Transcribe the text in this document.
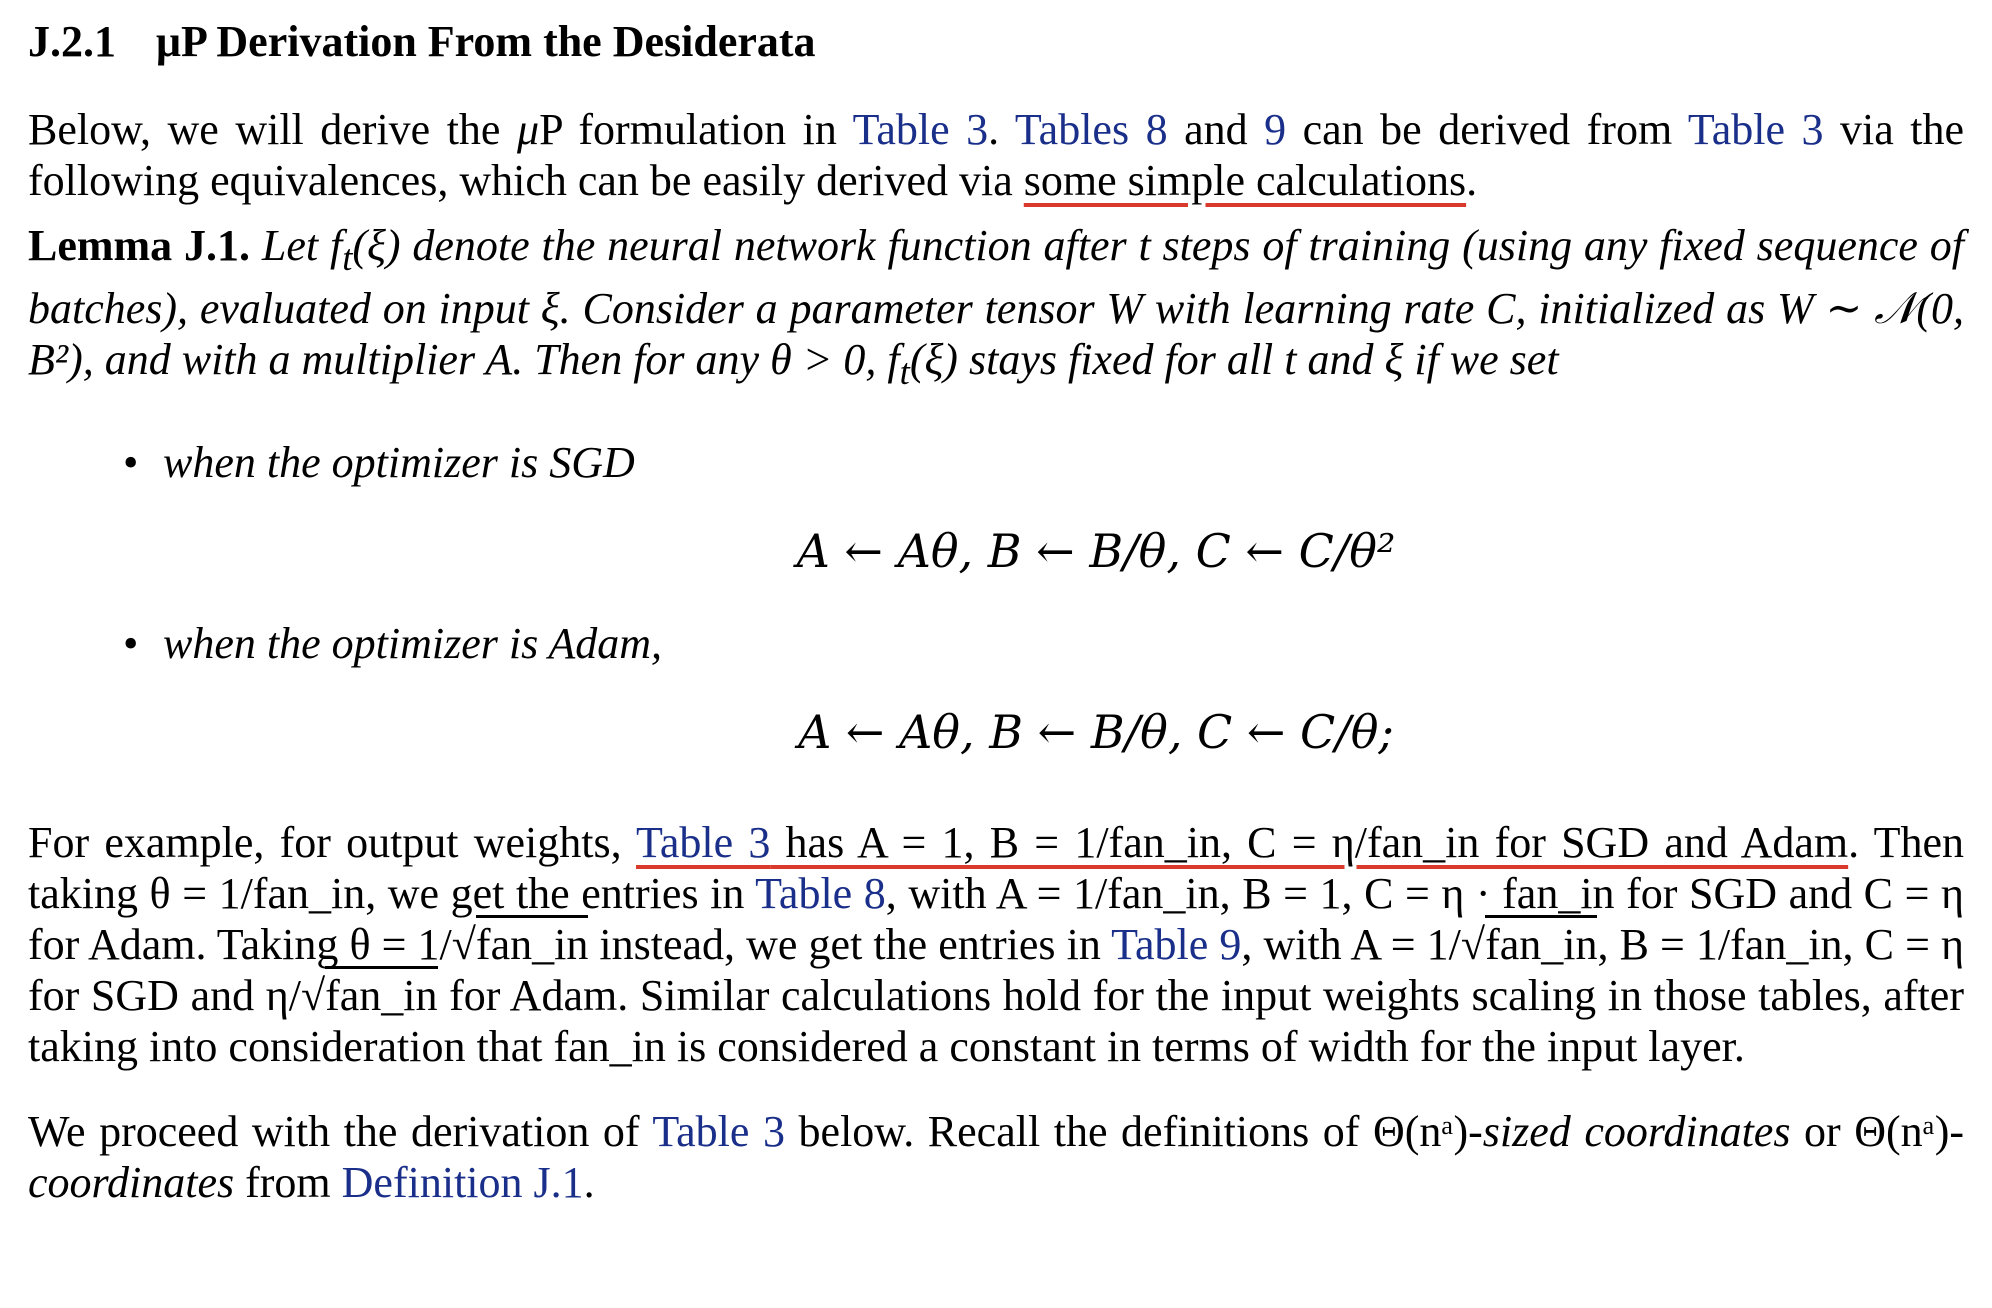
J.2.1 μP Derivation From the Desiderata

Below, we will derive the μP formulation in Table 3. Tables 8 and 9 can be derived from Table 3 via the following equivalences, which can be easily derived via some simple calculations.

Lemma J.1. Let $f_t(\xi)$ denote the neural network function after t steps of training (using any fixed sequence of batches), evaluated on input ξ. Consider a parameter tensor W with learning rate C, initialized as W ∼ 𝒩(0, B²), and with a multiplier A. Then for any θ > 0, $f_t(\xi)$ stays fixed for all t and ξ if we set

• when the optimizer is SGD
A ← Aθ, B ← B/θ, C ← C/θ²
• when the optimizer is Adam,
A ← Aθ, B ← B/θ, C ← C/θ;

For example, for output weights, Table 3 has A = 1, B = 1/fan_in, C = η/fan_in for SGD and Adam. Then taking θ = 1/fan_in, we get the entries in Table 8, with A = 1/fan_in, B = 1, C = η · fan_in for SGD and C = η for Adam. Taking θ = 1/√fan_in instead, we get the entries in Table 9, with A = 1/√fan_in, B = 1/fan_in, C = η for SGD and η/√fan_in for Adam. Similar calculations hold for the input weights scaling in those tables, after taking into consideration that fan_in is considered a constant in terms of width for the input layer.

We proceed with the derivation of Table 3 below. Recall the definitions of Θ(nᵃ)-sized coordinates or Θ(nᵃ)-coordinates from Definition J.1.
